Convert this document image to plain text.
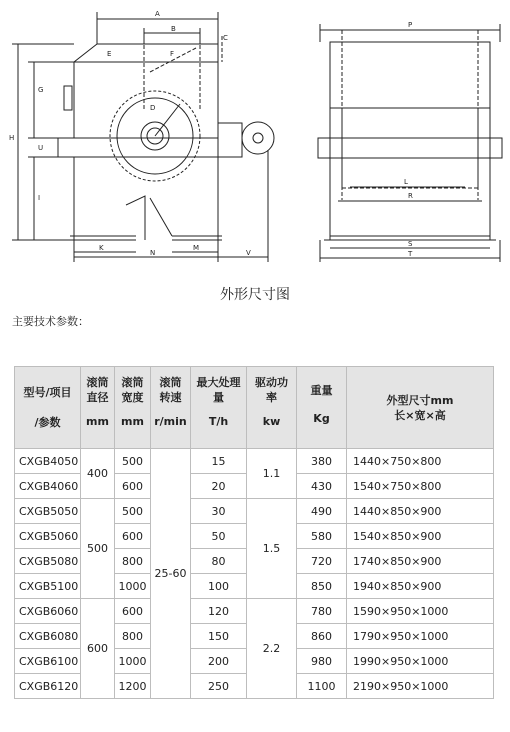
A
B
C
E	F
G
U
H
I
D
K
N
M
V
P
L
R
S
T
外形尺寸图
主要技术参数：
型号/项目

/参数	滚筒
直径
mm	滚筒
宽度
mm	滚筒
转速
r/min	最大处理
量
T/h	驱动功
率
kw	重量
Kg	外型尺寸mm
长×宽×高

CXGB4050	400	500	25-60	15	1.1	380	1440×750×800
CXGB4060		600		20		430	1540×750×800
CXGB5050	500	500		30	1.5	490	1440×850×900
CXGB5060		600		50		580	1540×850×900
CXGB5080		800		80		720	1740×850×900
CXGB5100		1000		100		850	1940×850×900
CXGB6060	600	600		120	2.2	780	1590×950×1000
CXGB6080		800		150		860	1790×950×1000
CXGB6100		1000		200		980	1990×950×1000
CXGB6120		1200		250		1100	2190×950×1000
